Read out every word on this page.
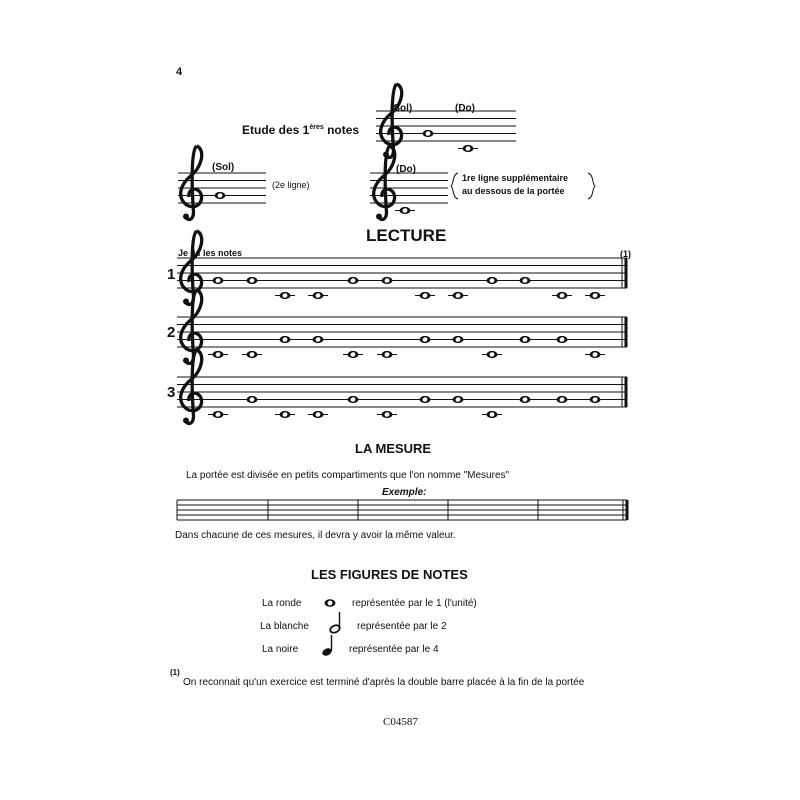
4
Etude des 1ères notes
(Sol)	(Do)
(Sol)
(2e ligne)
(Do)
1re ligne supplémentaire
au dessous de la portée
LECTURE
Je lis les notes	(1)
1
2
3
LA MESURE
La portée est divisée en petits compartiments que l'on nomme "Mesures"
Exemple:
Dans chacune de ces mesures, il devra y avoir la même valeur.
LES FIGURES DE NOTES
La ronde	représentée par le 1 (l'unité)
La blanche	représentée par le 2
La noire	représentée par le 4
(1)
On reconnait qu'un exercice est terminé d'après la double barre placée à la fin de la portée
C04587
